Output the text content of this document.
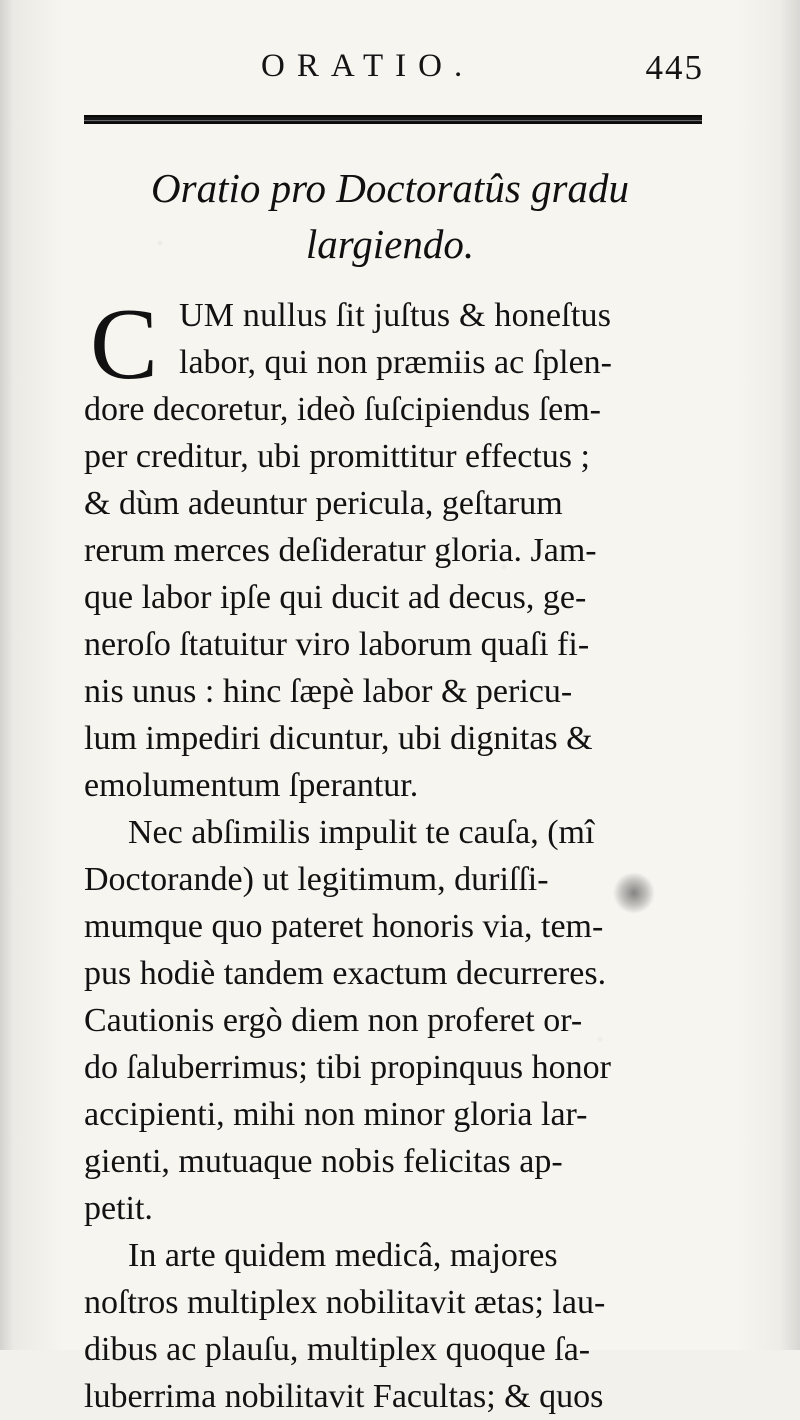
ORATIO.	445
Oratio pro Doctoratûs gradu
largiendo.
C UM nullus ſit juſtus & honeſtus
labor, qui non præmiis ac ſplen-
dore decoretur, ideò ſuſcipiendus ſem-
per creditur, ubi promittitur effectus ;
& dùm adeuntur pericula, geſtarum
rerum merces deſideratur gloria. Jam-
que labor ipſe qui ducit ad decus, ge-
neroſo ſtatuitur viro laborum quaſi fi-
nis unus : hinc ſæpè labor & pericu-
lum impediri dicuntur, ubi dignitas &
emolumentum ſperantur.
Nec abſimilis impulit te cauſa, (mî
Doctorande) ut legitimum, duriſſi-
mumque quo pateret honoris via, tem-
pus hodiè tandem exactum decurreres.
Cautionis ergò diem non proferet or-
do ſaluberrimus; tibi propinquus honor
accipienti, mihi non minor gloria lar-
gienti, mutuaque nobis felicitas ap-
petit.
In arte quidem medicâ, majores
noſtros multiplex nobilitavit ætas; lau-
dibus ac plauſu, multiplex quoque ſa-
luberrima nobilitavit Facultas; & quos
